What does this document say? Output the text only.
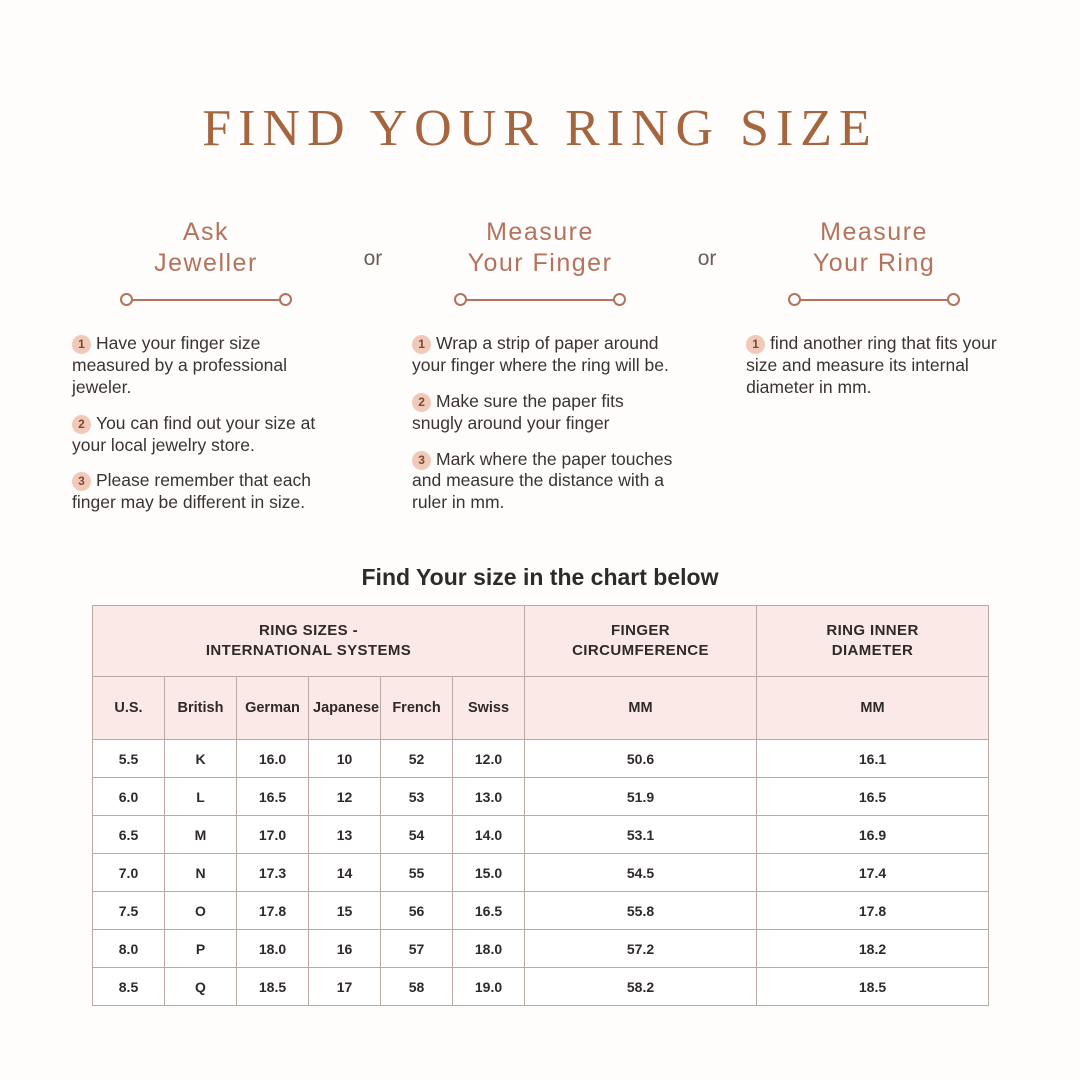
FIND YOUR RING SIZE
Ask
Jeweller	or
Measure
Your Finger	or
Measure
Your Ring
1 Have your finger size measured by a professional jeweler.
2 You can find out your size at your local jewelry store.
3 Please remember that each finger may be different in size.
1 Wrap a strip of paper around your finger where the ring will be.
2 Make sure the paper fits snugly around your finger
3 Mark where the paper touches and measure the distance with a ruler in mm.
1 find another ring that fits your size and measure its internal diameter in mm.
Find Your size in the chart below
RING SIZES -
INTERNATIONAL SYSTEMS

FINGER
CIRCUMFERENCE

RING INNER
DIAMETER

U.S.	British	German	Japanese	French	Swiss	MM	MM
5.5	K	16.0	10	52	12.0	50.6	16.1
6.0	L	16.5	12	53	13.0	51.9	16.5
6.5	M	17.0	13	54	14.0	53.1	16.9
7.0	N	17.3	14	55	15.0	54.5	17.4
7.5	O	17.8	15	56	16.5	55.8	17.8
8.0	P	18.0	16	57	18.0	57.2	18.2
8.5	Q	18.5	17	58	19.0	58.2	18.5
